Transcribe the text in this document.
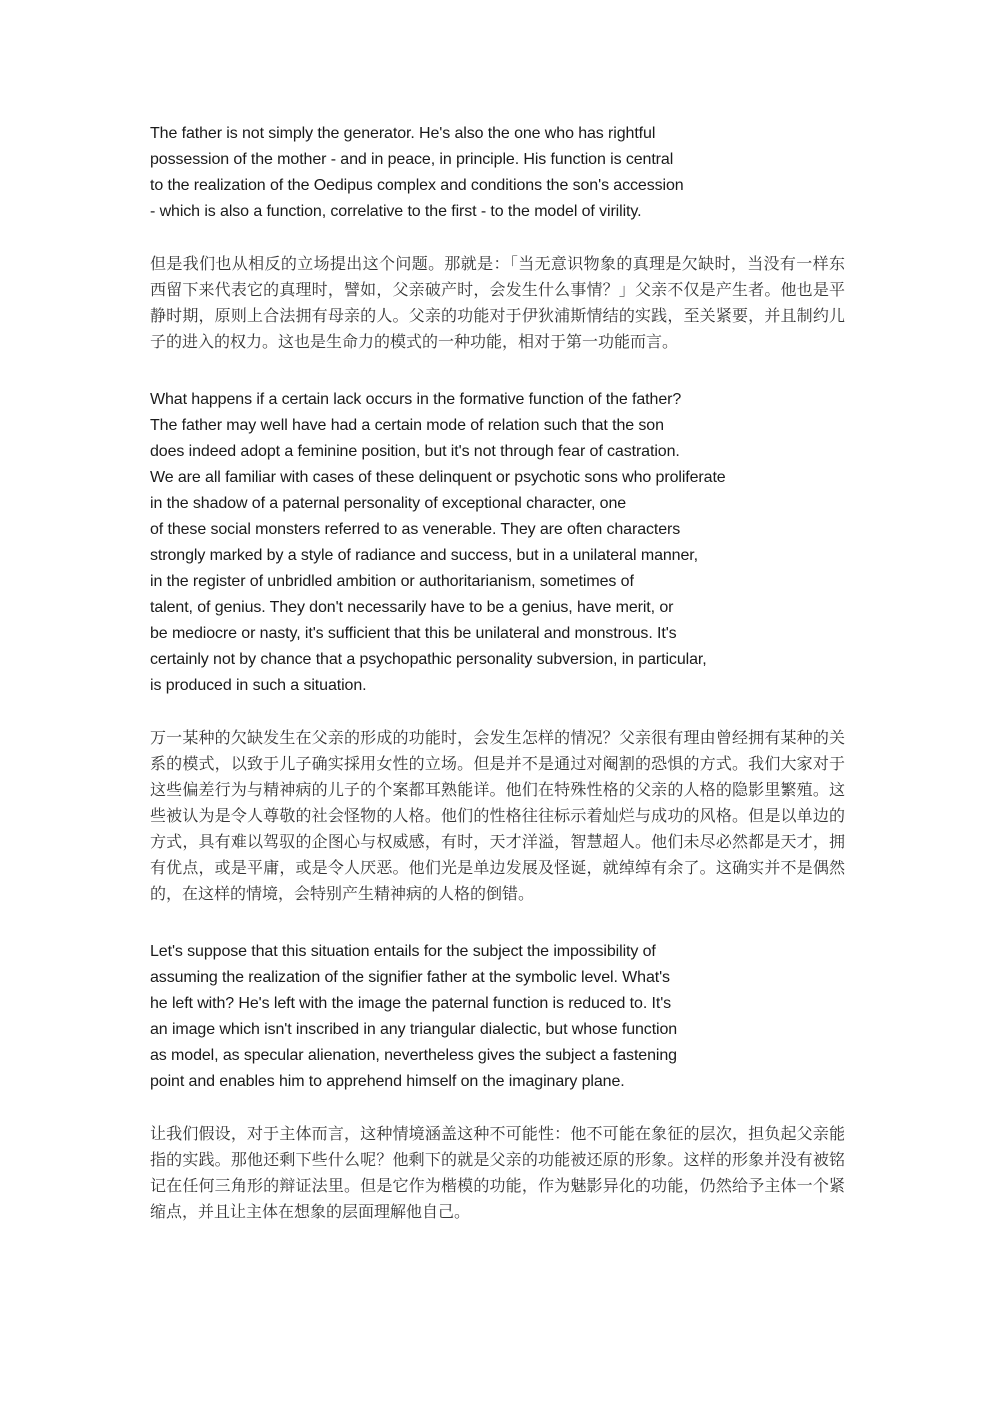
The father is not simply the generator. He's also the one who has rightful

possession of the mother - and in peace, in principle. His function is central

to the realization of the Oedipus complex and conditions the son's accession

- which is also a function, correlative to the first - to the model of virility.

但是我们也从相反的立场提出这个问题。那就是：「当无意识物象的真理是欠缺时，当没有一样东西留下来代表它的真理时，譬如，父亲破产时，会发生什么事情？」父亲不仅是产生者。他也是平静时期，原则上合法拥有母亲的人。父亲的功能对于伊狄浦斯情结的实践，至关紧要，并且制约儿子的进入的权力。这也是生命力的模式的一种功能，相对于第一功能而言。

What happens if a certain lack occurs in the formative function of the father?

The father may well have had a certain mode of relation such that the son

does indeed adopt a feminine position, but it's not through fear of castration.

We are all familiar with cases of these delinquent or psychotic sons who proliferate

in the shadow of a paternal personality of exceptional character, one

of these social monsters referred to as venerable. They are often characters

strongly marked by a style of radiance and success, but in a unilateral manner,

in the register of unbridled ambition or authoritarianism, sometimes of

talent, of genius. They don't necessarily have to be a genius, have merit, or

be mediocre or nasty, it's sufficient that this be unilateral and monstrous. It's

certainly not by chance that a psychopathic personality subversion, in particular,

is produced in such a situation.

万一某种的欠缺发生在父亲的形成的功能时，会发生怎样的情况？父亲很有理由曾经拥有某种的关系的模式，以致于儿子确实採用女性的立场。但是并不是通过对阉割的恐惧的方式。我们大家对于这些偏差行为与精神病的儿子的个案都耳熟能详。他们在特殊性格的父亲的人格的隐影里繁殖。这些被认为是令人尊敬的社会怪物的人格。他们的性格往往标示着灿烂与成功的风格。但是以单边的方式，具有难以驾驭的企图心与权威感，有时，天才洋溢，智慧超人。他们未尽必然都是天才，拥有优点，或是平庸，或是令人厌恶。他们光是单边发展及怪诞，就绰绰有余了。这确实并不是偶然的，在这样的情境，会特别产生精神病的人格的倒错。

Let's suppose that this situation entails for the subject the impossibility of

assuming the realization of the signifier father at the symbolic level. What's

he left with? He's left with the image the paternal function is reduced to. It's

an image which isn't inscribed in any triangular dialectic, but whose function

as model, as specular alienation, nevertheless gives the subject a fastening

point and enables him to apprehend himself on the imaginary plane.

让我们假设，对于主体而言，这种情境涵盖这种不可能性：他不可能在象征的层次，担负起父亲能指的实践。那他还剩下些什么呢？他剩下的就是父亲的功能被还原的形象。这样的形象并没有被铭记在任何三角形的辩证法里。但是它作为楷模的功能，作为魅影异化的功能，仍然给予主体一个紧缩点，并且让主体在想象的层面理解他自己。
